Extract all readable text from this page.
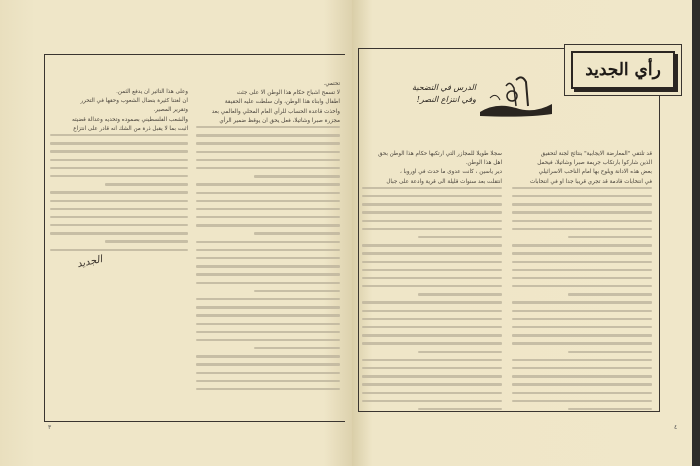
تحتمي.

لا تسمح اشباح حكام هذا الوطن الا على جثث

اطفال وابناء هذا الوطن، وان سلطت عليه الحقيقة

واخذت قاعدة الحساب للرأي العام المحلي والعالمي بعد

مجزرة صبرا وشاتيلا، فعل يحق ان يوقظ ضمير الرأي

وعلى هذا التاثير ان يدفع الثمن.

ان لغتنا كثيرة بنضال الشعوب وحقها في التحرر

وتقرير المصير.

والشعب الفلسطيني بصموده وتحديه وعدالة قضيته

اثبت بما لا يقبل ذرة من الشك انه قادر على انتزاع

الجديد
٣
رأي الجديد
الدرس في التضحية
وفي انتزاع النصر!

قد تلتقي "المعارضة الايجابية" بنتائج لجنة لتحقيق

الذين شاركوا بارتكاب جريمة صبرا وشاتيلا، فيحمل

بعض هذه الادانة ويلوح بها امام الناخب الاسرائيلي

في انتخابات قادمة قد تجري قريبا جدا او في انتخابات

سجلا طويلا للمجازر التي ارتكبها حكام هذا الوطن بحق

اهل هذا الوطن.

دير ياسين ، كانت عدوى ما حدث في اوروبا ،

انتقلت بعد سنوات قليلة الى قرية وادعة على جبال

٤
